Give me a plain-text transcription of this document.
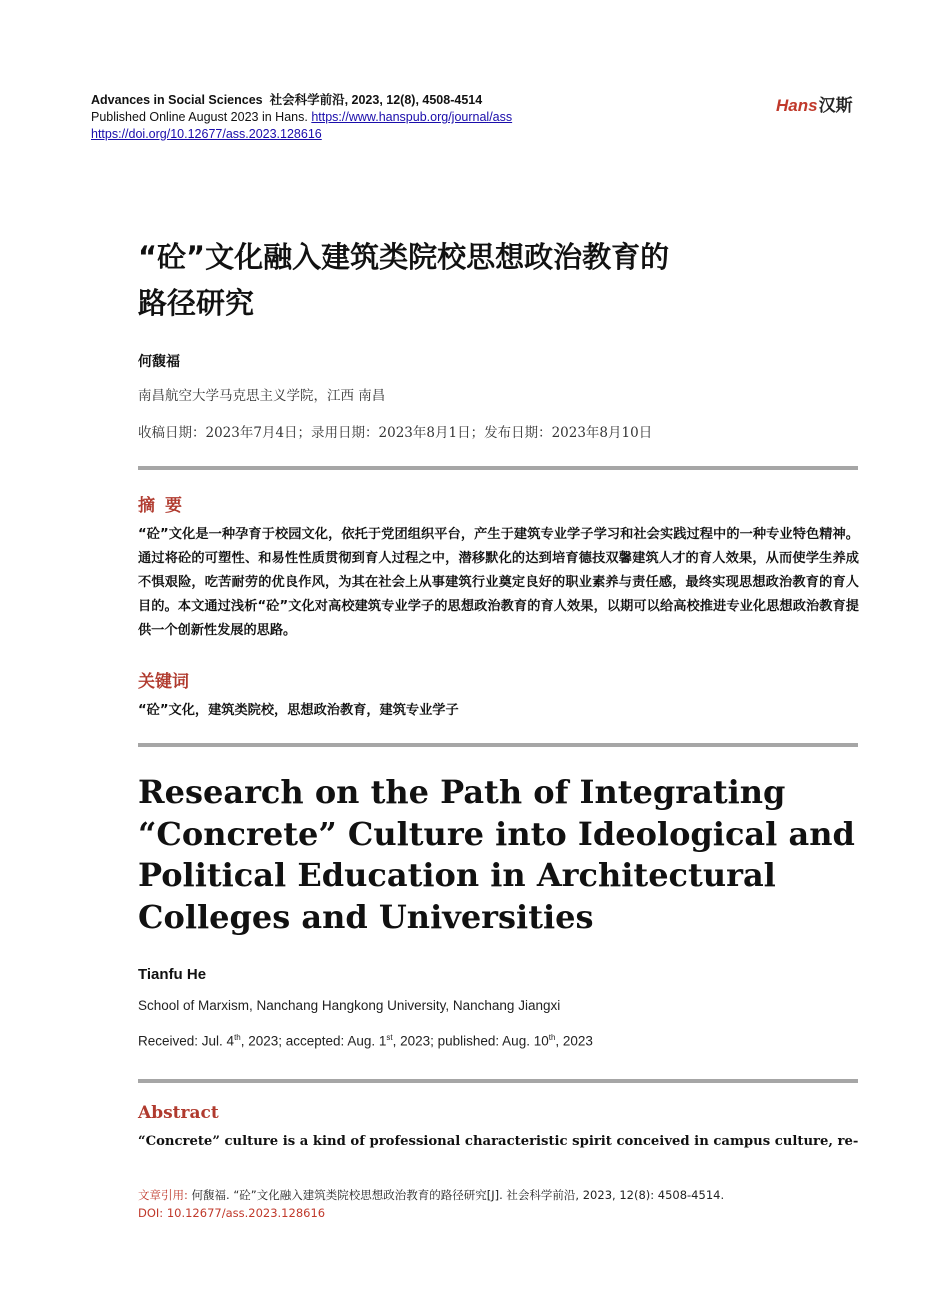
Advances in Social Sciences 社会科学前沿, 2023, 12(8), 4508-4514
Published Online August 2023 in Hans. https://www.hanspub.org/journal/ass
https://doi.org/10.12677/ass.2023.128616
Hans汉斯
“砼”文化融入建筑类院校思想政治教育的
路径研究
何馥福
南昌航空大学马克思主义学院，江西 南昌
收稿日期：2023年7月4日；录用日期：2023年8月1日；发布日期：2023年8月10日
摘要
“砼”文化是一种孕育于校园文化，依托于党团组织平台，产生于建筑专业学子学习和社会实践过程中的一种专业特色精神。通过将砼的可塑性、和易性性质贯彻到育人过程之中，潜移默化的达到培育德技双馨建筑人才的育人效果，从而使学生养成不惧艰险，吃苦耐劳的优良作风，为其在社会上从事建筑行业奠定良好的职业素养与责任感，最终实现思想政治教育的育人目的。本文通过浅析“砼”文化对高校建筑专业学子的思想政治教育的育人效果，以期可以给高校推进专业化思想政治教育提供一个创新性发展的思路。
关键词
“砼”文化，建筑类院校，思想政治教育，建筑专业学子
Research on the Path of Integrating
“Concrete” Culture into Ideological and
Political Education in Architectural
Colleges and Universities
Tianfu He
School of Marxism, Nanchang Hangkong University, Nanchang Jiangxi
Received: Jul. 4th, 2023; accepted: Aug. 1st, 2023; published: Aug. 10th, 2023
Abstract
“Concrete” culture is a kind of professional characteristic spirit conceived in campus culture, re-
文章引用: 何馥福. “砼”文化融入建筑类院校思想政治教育的路径研究[J]. 社会科学前沿, 2023, 12(8): 4508-4514.
DOI: 10.12677/ass.2023.128616
